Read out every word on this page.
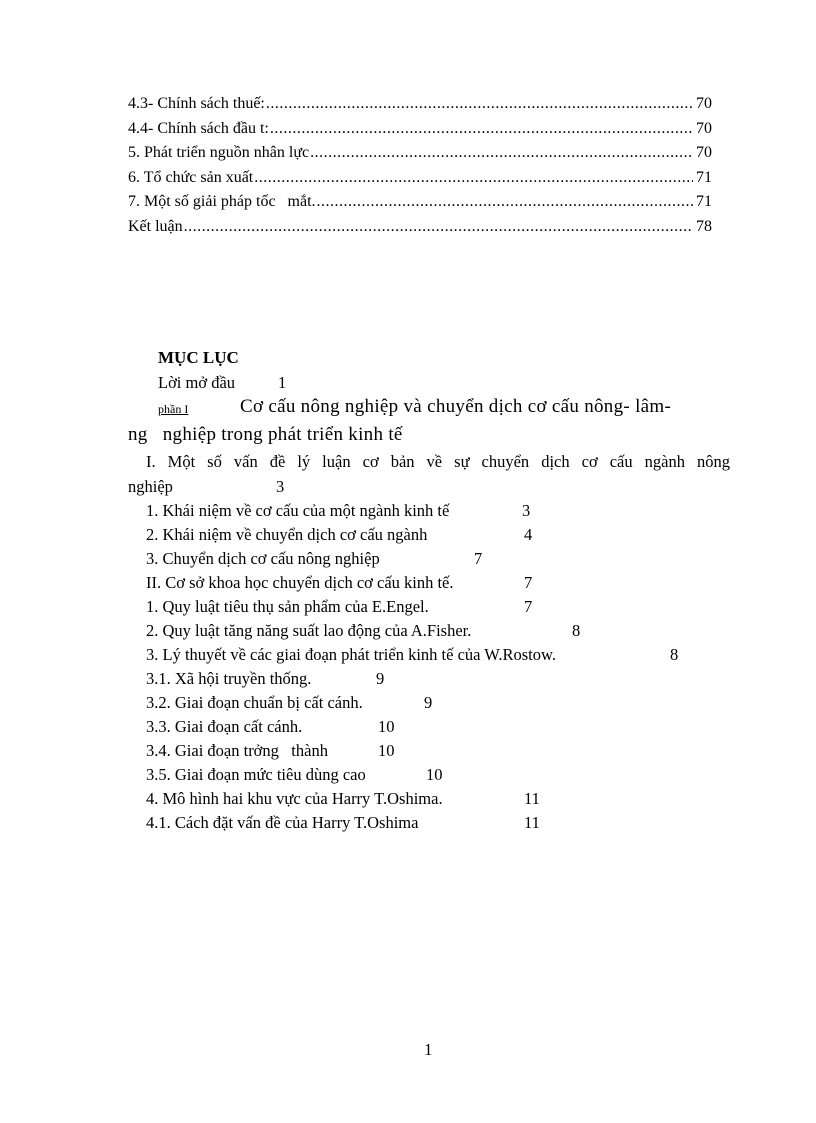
4.3- Chính sách thuế: .....	70
4.4- Chính sách đầu t: .....	70
5. Phát triển nguồn nhân lực .....	70
6. Tổ chức sản xuất .....	71
7. Một số giải pháp tốc   mắt. .....	71
Kết luận .....	78
MỤC LỤC
Lời mở đầu	1
phần I	Cơ cấu nông nghiệp và chuyển dịch cơ cấu nông- lâm-
ng   nghiệp trong phát triển kinh tế
I. Một số vấn đề lý luận cơ bản về sự chuyển dịch cơ cấu ngành nông
nghiệp	3
1. Khái niệm về cơ cấu của một ngành kinh tế	3
2. Khái niệm về chuyển dịch cơ cấu ngành	4
3. Chuyển dịch cơ cấu nông nghiệp	7
II. Cơ sở khoa học chuyển dịch cơ cấu kinh tế.	7
1. Quy luật tiêu thụ sản phẩm của E.Engel.	7
2. Quy luật tăng năng suất lao động của A.Fisher.	8
3. Lý thuyết về các giai đoạn phát triển kinh tế của W.Rostow.	8
3.1. Xã hội truyền thống.	9
3.2. Giai đoạn chuẩn bị cất cánh.	9
3.3. Giai đoạn cất cánh.	10
3.4. Giai đoạn trởng   thành	10
3.5. Giai đoạn mức tiêu dùng cao	10
4. Mô hình hai khu vực của Harry T.Oshima.	11
4.1. Cách đặt vấn đề của Harry T.Oshima	11
1
